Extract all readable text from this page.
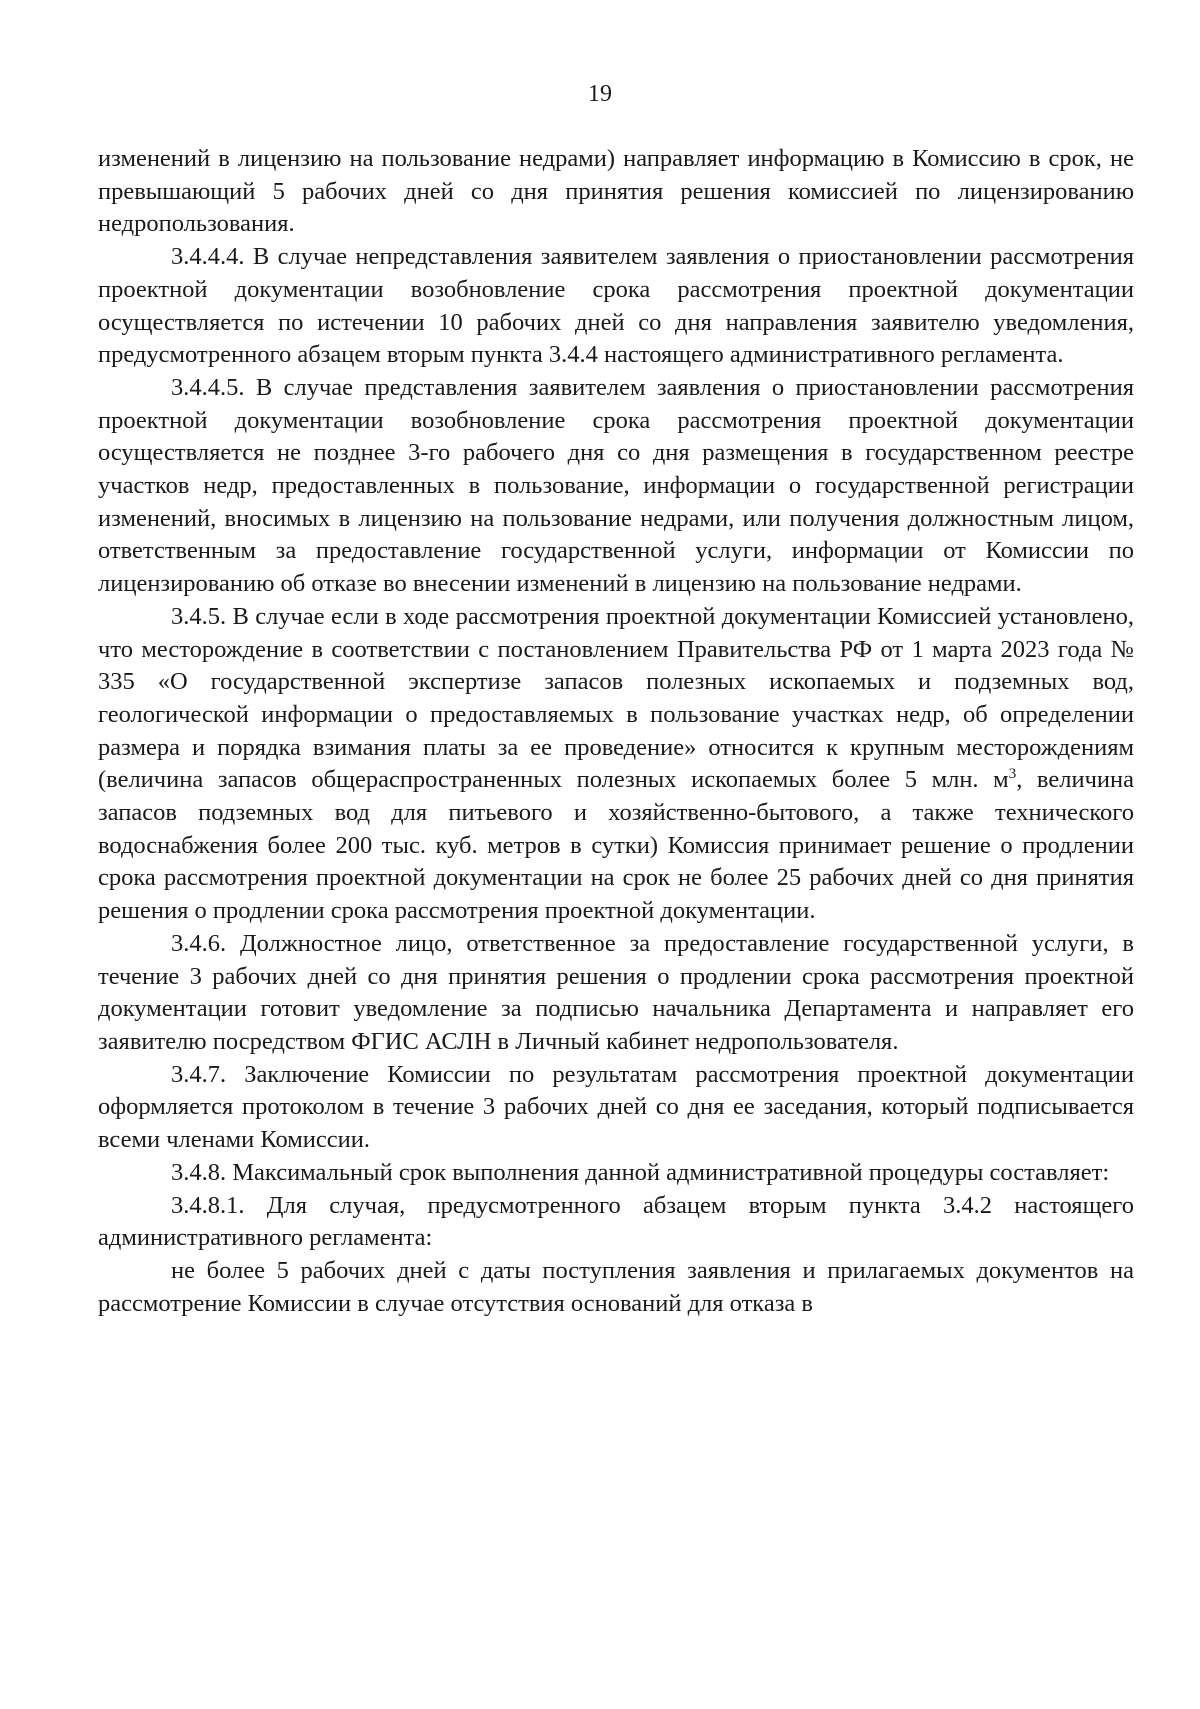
19

изменений в лицензию на пользование недрами) направляет информацию в Комиссию в срок, не превышающий 5 рабочих дней со дня принятия решения комиссией по лицензированию недропользования.

3.4.4.4. В случае непредставления заявителем заявления о приостановлении рассмотрения проектной документации возобновление срока рассмотрения проектной документации осуществляется по истечении 10 рабочих дней со дня направления заявителю уведомления, предусмотренного абзацем вторым пункта 3.4.4 настоящего административного регламента.

3.4.4.5. В случае представления заявителем заявления о приостановлении рассмотрения проектной документации возобновление срока рассмотрения проектной документации осуществляется не позднее 3-го рабочего дня со дня размещения в государственном реестре участков недр, предоставленных в пользование, информации о государственной регистрации изменений, вносимых в лицензию на пользование недрами, или получения должностным лицом, ответственным за предоставление государственной услуги, информации от Комиссии по лицензированию об отказе во внесении изменений в лицензию на пользование недрами.

3.4.5. В случае если в ходе рассмотрения проектной документации Комиссией установлено, что месторождение в соответствии с постановлением Правительства РФ от 1 марта 2023 года № 335 «О государственной экспертизе запасов полезных ископаемых и подземных вод, геологической информации о предоставляемых в пользование участках недр, об определении размера и порядка взимания платы за ее проведение» относится к крупным месторождениям (величина запасов общераспространенных полезных ископаемых более 5 млн. $м^3$, величина запасов подземных вод для питьевого и хозяйственно-бытового, а также технического водоснабжения более 200 тыс. куб. метров в сутки) Комиссия принимает решение о продлении срока рассмотрения проектной документации на срок не более 25 рабочих дней со дня принятия решения о продлении срока рассмотрения проектной документации.

3.4.6. Должностное лицо, ответственное за предоставление государственной услуги, в течение 3 рабочих дней со дня принятия решения о продлении срока рассмотрения проектной документации готовит уведомление за подписью начальника Департамента и направляет его заявителю посредством ФГИС АСЛН в Личный кабинет недропользователя.

3.4.7. Заключение Комиссии по результатам рассмотрения проектной документации оформляется протоколом в течение 3 рабочих дней со дня ее заседания, который подписывается всеми членами Комиссии.

3.4.8. Максимальный срок выполнения данной административной процедуры составляет:

3.4.8.1. Для случая, предусмотренного абзацем вторым пункта 3.4.2 настоящего административного регламента:

не более 5 рабочих дней с даты поступления заявления и прилагаемых документов на рассмотрение Комиссии в случае отсутствия оснований для отказа в
